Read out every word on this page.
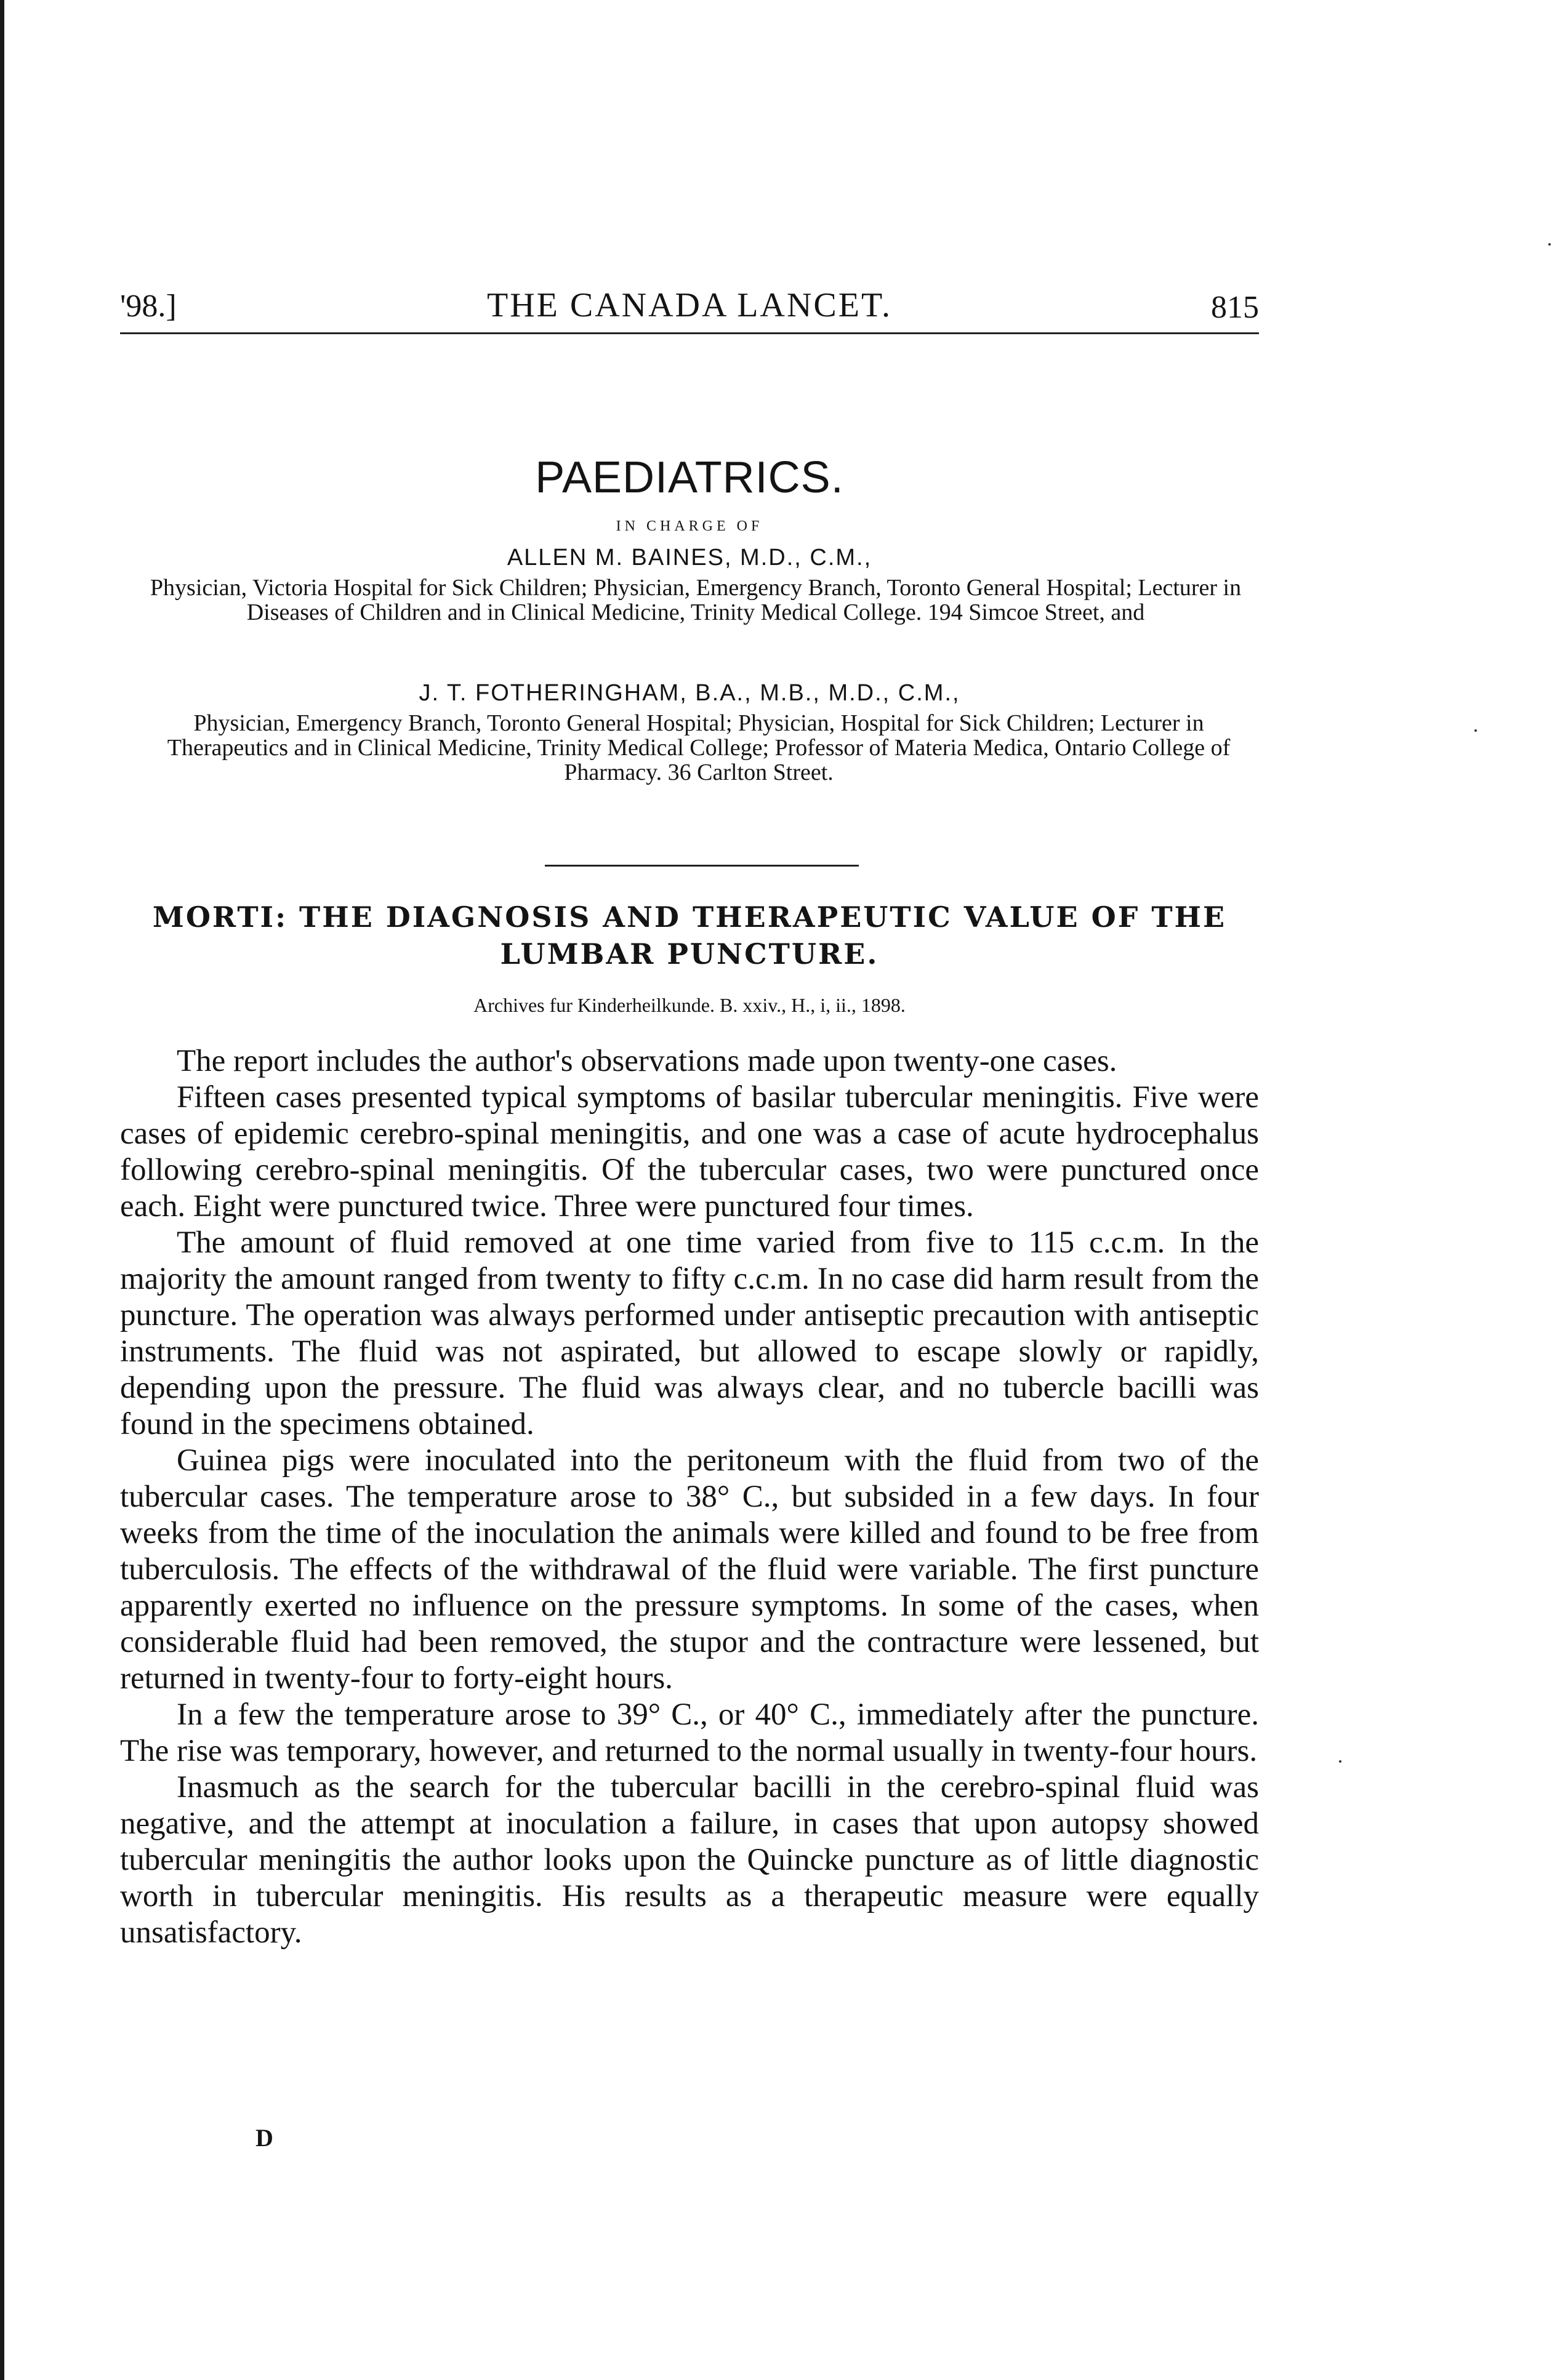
'98.]	THE CANADA LANCET.	815
PAEDIATRICS.
IN CHARGE OF
ALLEN M. BAINES, M.D., C.M.,
Physician, Victoria Hospital for Sick Children; Physician, Emergency Branch, Toronto General Hospital; Lecturer in Diseases of Children and in Clinical Medicine, Trinity Medical College. 194 Simcoe Street, and
J. T. FOTHERINGHAM, B.A., M.B., M.D., C.M.,
Physician, Emergency Branch, Toronto General Hospital; Physician, Hospital for Sick Children; Lecturer in Therapeutics and in Clinical Medicine, Trinity Medical College; Professor of Materia Medica, Ontario College of Pharmacy. 36 Carlton Street.
MORTI: THE DIAGNOSIS AND THERAPEUTIC VALUE OF THE LUMBAR PUNCTURE.
Archives fur Kinderheilkunde. B. xxiv., H., i, ii., 1898.

The report includes the author's observations made upon twenty-one cases.

Fifteen cases presented typical symptoms of basilar tubercular meningitis. Five were cases of epidemic cerebro-spinal meningitis, and one was a case of acute hydrocephalus following cerebro-spinal meningitis. Of the tubercular cases, two were punctured once each. Eight were punctured twice. Three were punctured four times.

The amount of fluid removed at one time varied from five to 115 c.c.m. In the majority the amount ranged from twenty to fifty c.c.m. In no case did harm result from the puncture. The operation was always performed under antiseptic precaution with antiseptic instruments. The fluid was not aspirated, but allowed to escape slowly or rapidly, depending upon the pressure. The fluid was always clear, and no tubercle bacilli was found in the specimens obtained.

Guinea pigs were inoculated into the peritoneum with the fluid from two of the tubercular cases. The temperature arose to 38° C., but subsided in a few days. In four weeks from the time of the inoculation the animals were killed and found to be free from tuberculosis. The effects of the withdrawal of the fluid were variable. The first puncture apparently exerted no influence on the pressure symptoms. In some of the cases, when considerable fluid had been removed, the stupor and the contracture were lessened, but returned in twenty-four to forty-eight hours.

In a few the temperature arose to 39° C., or 40° C., immediately after the puncture. The rise was temporary, however, and returned to the normal usually in twenty-four hours.

Inasmuch as the search for the tubercular bacilli in the cerebro-spinal fluid was negative, and the attempt at inoculation a failure, in cases that upon autopsy showed tubercular meningitis the author looks upon the Quincke puncture as of little diagnostic worth in tubercular meningitis. His results as a therapeutic measure were equally unsatisfactory.

D
